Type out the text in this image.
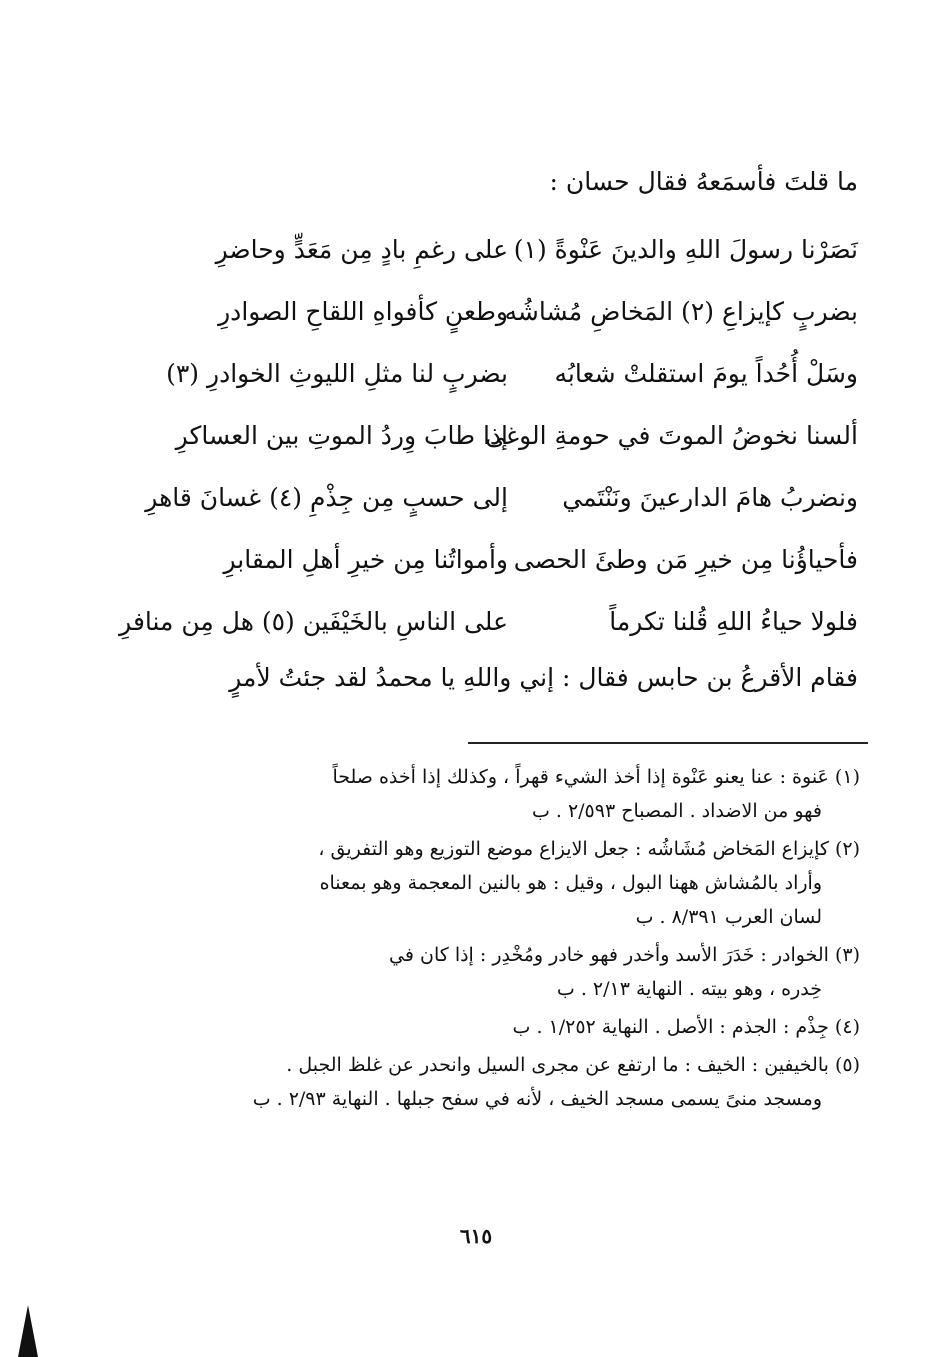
ما قلتَ فأسمَعهُ فقال حسان :
نَصَرْنا رسولَ اللهِ والدينَ عَنْوةً (١)
على رغمِ بادٍ مِن مَعَدٍّ وحاضرِ
بضربٍ كإيزاعِ (٢) المَخاضِ مُشاشُه
وطعنٍ كأفواهِ اللقاحِ الصوادرِ
وسَلْ أُحُداً يومَ استقلتْ شعابُه
بضربٍ لنا مثلِ الليوثِ الخوادرِ (٣)
ألسنا نخوضُ الموتَ في حومةِ الوغى
إذا طابَ وِردُ الموتِ بين العساكرِ
ونضربُ هامَ الدارعينَ ونَنْتَمي
إلى حسبٍ مِن جِذْمِ (٤) غسانَ قاهرِ
فأحياؤُنا مِن خيرِ مَن وطئَ الحصى
وأمواتُنا مِن خيرِ أهلِ المقابرِ
فلولا حياءُ اللهِ قُلنا تكرماً
على الناسِ بالخَيْفَين (٥) هل مِن منافرِ
فقام الأقرعُ بن حابس فقال : إني واللهِ يا محمدُ لقد جئتُ لأمرٍ
(١) عَنوة : عنا يعنو عَنْوة إذا أخذ الشيء قهراً ، وكذلك إذا أخذه صلحاً
فهو من الاضداد . المصباح ٢/٥٩٣ . ب
(٢) كإيزاع المَخاض مُشَاشُه : جعل الايزاع موضع التوزيع وهو التفريق ،
وأراد بالمُشاش ههنا البول ، وقيل : هو بالنين المعجمة وهو بمعناه
لسان العرب ٨/٣٩١ . ب
(٣) الخوادر : خَدَرَ الأسد وأخدر فهو خادر ومُخْدِر : إذا كان في
خِدره ، وهو بيته . النهاية ٢/١٣ . ب
(٤) جِذْم : الجذم : الأصل . النهاية ١/٢٥٢ . ب
(٥) بالخيفين : الخيف : ما ارتفع عن مجرى السيل وانحدر عن غلظ الجبل .
ومسجد منىً يسمى مسجد الخيف ، لأنه في سفح جبلها . النهاية ٢/٩٣ . ب
٦١٥
